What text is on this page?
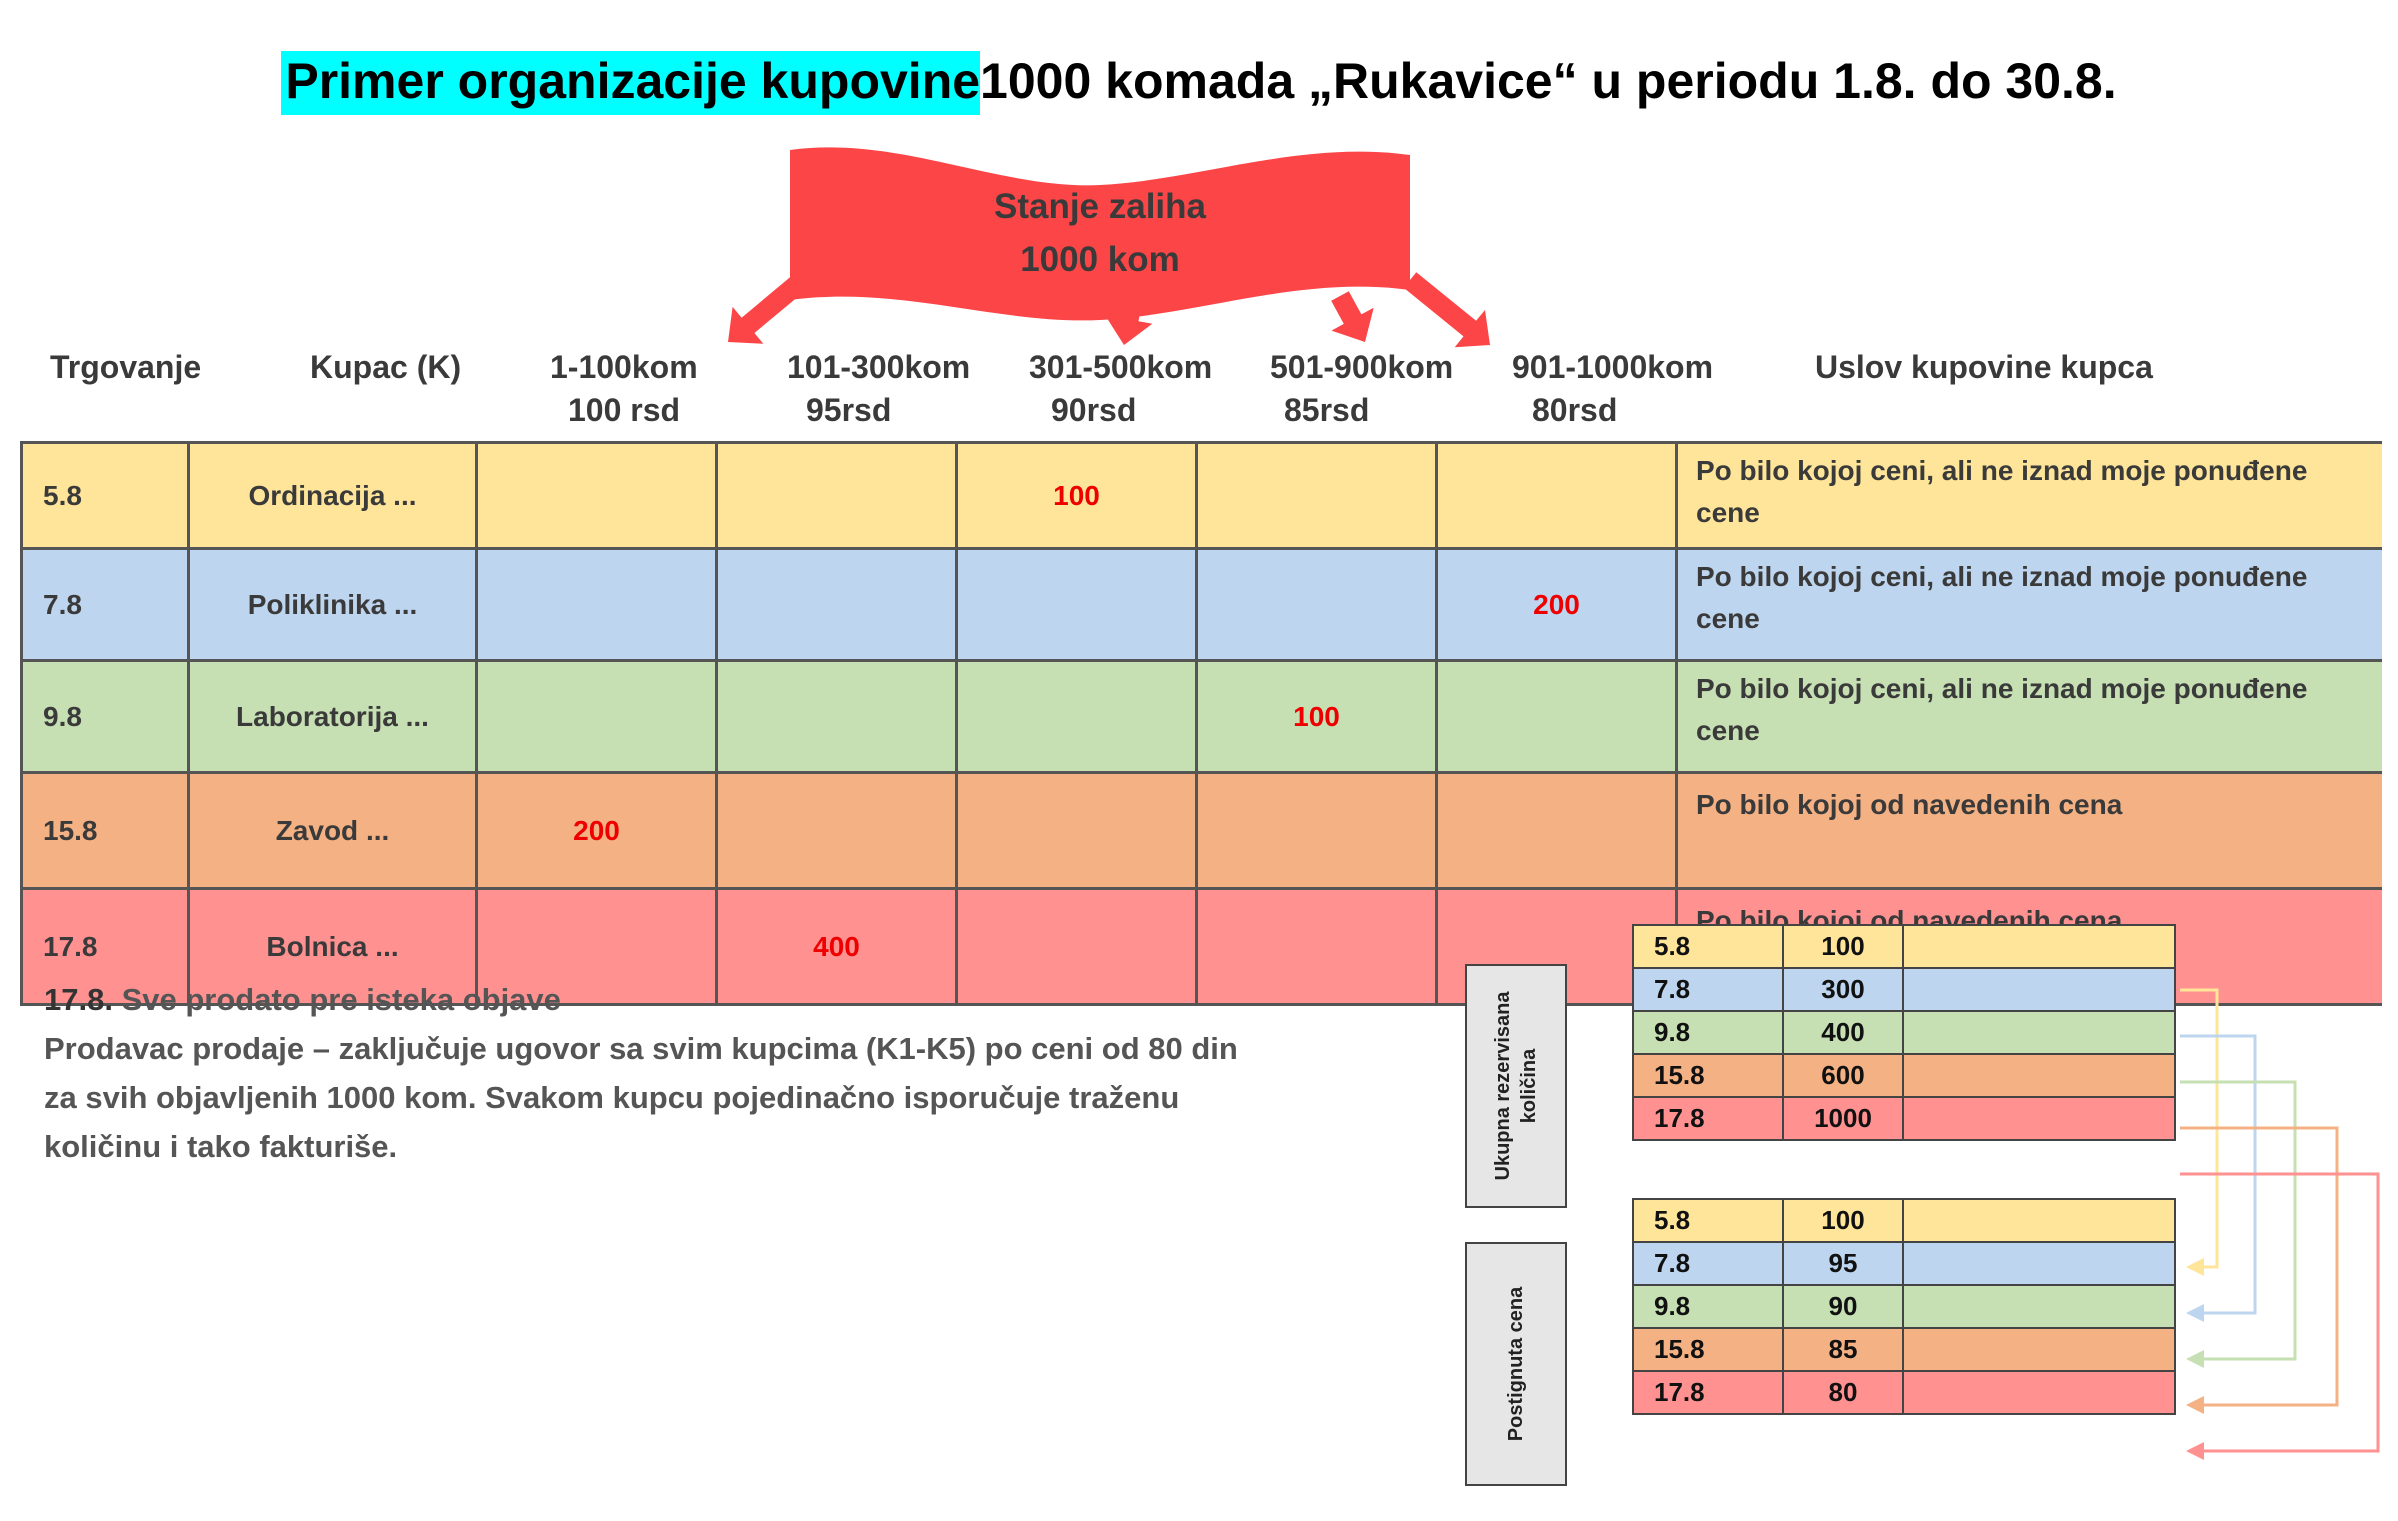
Primer organizacije kupovine1000 komada „Rukavice“ u periodu 1.8. do 30.8.
Stanje zaliha
1000 kom
Trgovanje	Kupac (K)	1-100kom
100 rsd
101-300kom
95rsd
301-500kom
90rsd
501-900kom
85rsd
901-1000kom
80rsd
Uslov kupovine kupca
5.8	Ordinacija ...			100			Po bilo kojoj ceni, ali ne iznad moje ponuđene cene
7.8	Poliklinika ...					200	Po bilo kojoj ceni, ali ne iznad moje ponuđene cene
9.8	Laboratorija ...				100		Po bilo kojoj ceni, ali ne iznad moje ponuđene cene
15.8	Zavod ...	200					Po bilo kojoj od navedenih cena
17.8	Bolnica ...		400				Po bilo kojoj od navedenih cena
17.8. Sve prodato pre isteka objave
Prodavac prodaje – zaključuje ugovor sa svim kupcima (K1-K5) po ceni od 80 din
za svih objavljenih 1000 kom. Svakom kupcu pojedinačno isporučuje traženu
količinu i tako fakturiše.	Ukupna rezervisana količina
Postignuta cena
5.8	100	
7.8	300	
9.8	400	
15.8	600	
17.8	1000	
5.8	100	
7.8	95	
9.8	90	
15.8	85	
17.8	80	
